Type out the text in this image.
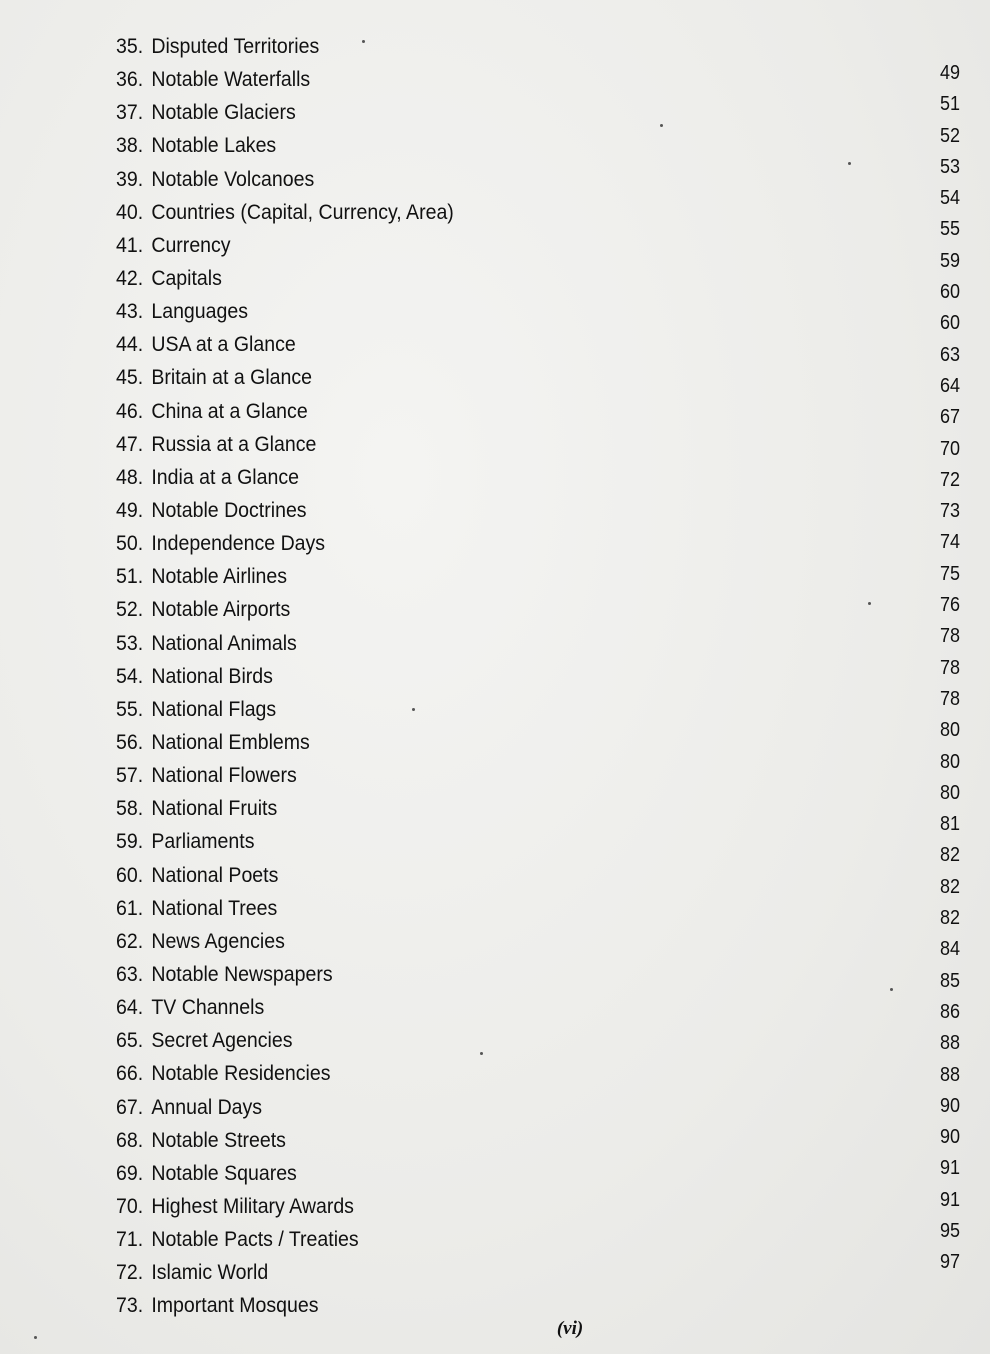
35. Disputed Territories
36. Notable Waterfalls
37. Notable Glaciers
38. Notable Lakes
39. Notable Volcanoes
40. Countries (Capital, Currency, Area)
41. Currency
42. Capitals
43. Languages
44. USA at a Glance
45. Britain at a Glance
46. China at a Glance
47. Russia at a Glance
48. India at a Glance
49. Notable Doctrines
50. Independence Days
51. Notable Airlines
52. Notable Airports
53. National Animals
54. National Birds
55. National Flags
56. National Emblems
57. National Flowers
58. National Fruits
59. Parliaments
60. National Poets
61. National Trees
62. News Agencies
63. Notable Newspapers
64. TV Channels
65. Secret Agencies
66. Notable Residencies
67. Annual Days
68. Notable Streets
69. Notable Squares
70. Highest Military Awards
71. Notable Pacts / Treaties
72. Islamic World
73. Important Mosques
49
51
52
53
54
55
59
60
60
63
64
67
70
72
73
74
75
76
78
78
78
80
80
80
81
82
82
82
84
85
86
88
88
90
90
91
91
95
97
(vi)
